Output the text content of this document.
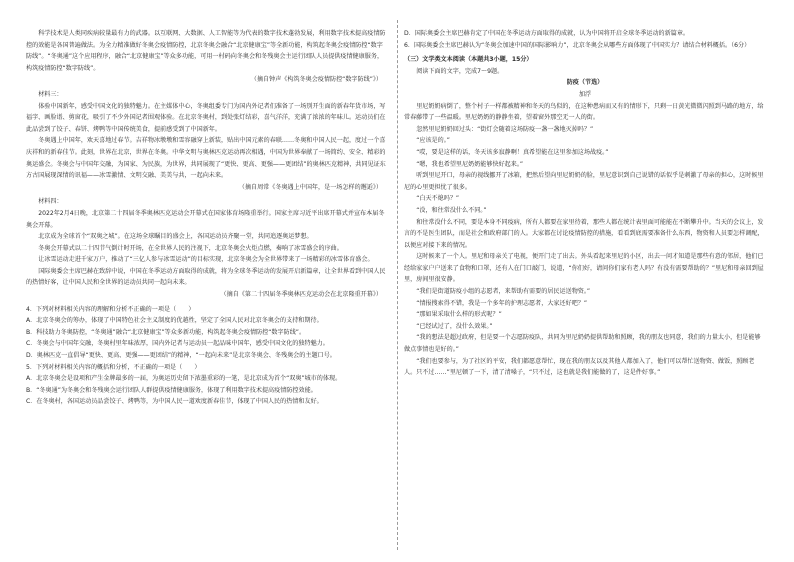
科学技术是人类同疾病较量最有力的武器。以互联网、大数据、人工智能等为代表的数字技术蓬勃发展，利用数字技术提高疫情防控的效能是各国普遍做法。为全力精准做好冬奥会疫情防控，北京冬奥会融合“北京健康宝”等全新功能，构筑起冬奥会疫情防控“数字防线”。“冬奥通”这个应用程序，融合“北京健康宝”等众多功能，可用一村码向冬奥会和冬残奥会主运行团队人员提供疫情健康服务，构筑疫情防控“数字防线”。

（摘自钟声《构筑冬奥会疫情防控“数字防线”》）

材料三：

体验中国新年，感受中国文化的独特魅力。在主媒体中心，冬奥组委专门为国内外记者们准备了一场别开生面的新春年货市场，写福字、画脸谱、剪窗花，吸引了不少外国记者围观体验。在北京冬奥村，到处张灯结彩，喜气洋洋，充满了浓浓的年味儿。运动员们在此品尝到了饺子、春饼、烤鸭等中国传统美食，提前感受到了中国新年。

冬奥遇上中国年，欢天喜地过春节。吉祥物冰墩墩和雪容融穿上新装，贴出中国元素的春联……冬奥和中国人民一起，度过一个喜庆祥和的新春佳节。此刻，世界在北京，世界在冬奥。中华文明与奥林匹克运动再次相遇，中国为世界奉献了一场简约、安全、精彩的奥运盛会。冬奥会与中国年交融，为国家、为民族，为世界，共同展现了“更快、更高、更强——更团结”的奥林匹克精神，共同见证东方古国展现深情的讯福——冰雪激情、文明交融、美美与共，一起向未来。

（摘自周常《冬奥遇上中国年，是一场怎样的邂逅》）

材料四：

2022年2月4日晚，北京第二十四届冬季奥林匹克运动会开幕式在国家体育场隆重举行。国家主席习近平出席开幕式并宣布本届冬奥会开幕。

北京成为全球首个“双奥之城”。在这场全球瞩目的盛会上，各国运动员齐聚一堂，共同追逐奥运梦想。

冬奥会开幕式以二十四节气倒计时开场，在全世界人民的注视下，北京冬奥会火炬点燃，奏响了冰雪盛会的序曲。

让冰雪运动走进千家万户，推动了“三亿人参与冰雪运动”的目标实现，北京冬奥会为全世界带来了一场精彩的冰雪体育盛会。

国际奥委会主席巴赫在致辞中说，中国在冬季运动方面取得的成就，将为全球冬季运动的发展开启新篇章，让全世界看到中国人民的热情好客，让中国人民和全世界的运动员共同一起向未来。

（摘自《第二十四届冬季奥林匹克运动会在北京隆重开幕》）

4．下列对材料相关内容的理解和分析不正确的一项是（　　）

A．北京冬奥会的筹办，体现了中国特色社会主义制度的优越性，坚定了全国人民对北京冬奥会的支持和期待。

B．科技助力冬奥防控，“冬奥通”融合“北京健康宝”等众多新功能，构筑起冬奥会疫情防控“数字防线”。

C．冬奥会与中国年交融，冬奥村里年味浓厚，国内外记者与运动员一起品味中国年，感受中国文化的独特魅力。

D．奥林匹克一直倡导“更快、更高、更强——更团结”的精神，“一起向未来”是北京冬奥会、冬残奥会的主题口号。

5．下列对材料相关内容的概括和分析，不正确的一项是（　　）

A．北京冬奥会是设项和产生金牌最多的一届，为奥运历史留下浓墨重彩的一笔，是北京成为首个“双奥”城市的体现。

B．“冬奥通”为冬奥会和冬残奥会运行团队人群提供疫情健康服务，体现了利用数字技术提高疫情防控效能。

C．在冬奥村，各国运动员品尝饺子、烤鸭等，为中国人民一道欢度新春佳节，体现了中国人民的热情和友好。

D．国际奥委会主席巴赫肯定了中国在冬季运动方面取得的成就，认为中国将开启全球冬季运动的新篇章。

6．国际奥委会主席巴赫认为“冬奥会加速中国的国际影响力”，北京冬奥会从哪些方面体现了中国实力？请结合材料概括。（6分）

（三）文学类文本阅读（本题共3小题，15分）

阅读下面的文字，完成7～9题。

防疫（节选）

加浮

里尼奶奶病倒了，整个村子一样都被精神和冬天的鸟似的，在这种患病而又有的情形下，只剩一日黄光微微闪照到马路的地方，给常春藤带了一些温暖。里尼奶奶的静静坐着，望着窗外那空无一人的街。

忽然里尼奶奶回过头：“街灯会随着这场防疫一盏一盏地灭掉吗？”

“应该是的。”

“哎，要是这样的话，冬天该多寂静啊！真希望能在这里参加这场战疫。”

“嗯，我也希望里尼奶奶能够快好起来。”

听到里尼开口，母亲的视线挪开了冰箱，把然后望向里尼奶奶的脸，里尼意识到自己说错的话似乎是刺激了母亲的担心，这时候里尼的心里更担忧了很多。

“白天不熄吗？”

“没，和往常没什么不同。”

和往常没什么不同，要是本身不同疫病，所有人都要在家里待着，那些人都在统计表里面可能能在不断攀升中。当天的会议上，发言的不是医生团队，而是社会和政府部门的人。大家都在讨论疫情防控的措施，看看到底需要准备什么东西，物资和人员要怎样调配，以便应对接下来的情况。

这时候来了一个人。里尼和母亲关了电视，便开门走了出去。外头看起来里尼的小区，出去一问才知道是那些有意的邻居，他们已经给家家户户送来了食物和口罩，还有人在门口敲门，说道，“你们好，请问你们家有老人吗？有没有需要帮助的？”里尼和母亲回到屋里，房间里很安静。

“我们是街道防疫小组的志愿者，来帮助有需要的居民运送物资。”

“情报搜索得不错，我是一个多年的护理志愿者，大家还好吧？”

“那如果采取什么样的形式呢？”

“已经试过了，没什么效果。”

“我的想法是超过政府，但是要一个志愿防疫队，共同为里尼奶奶提供帮助和照顾，我的朋友也同意，我们的力量太小，但是能够做点事情也是好的。”

“我们也要参与，为了社区的平安，我们都愿意帮忙，现在我的朋友以及其他人都加入了，他们可以帮忙送物资、做饭，照顾老人。只不过……”里尼顿了一下，清了清嗓子，“只不过，这也就是我们能做的了，这是件好事。”
